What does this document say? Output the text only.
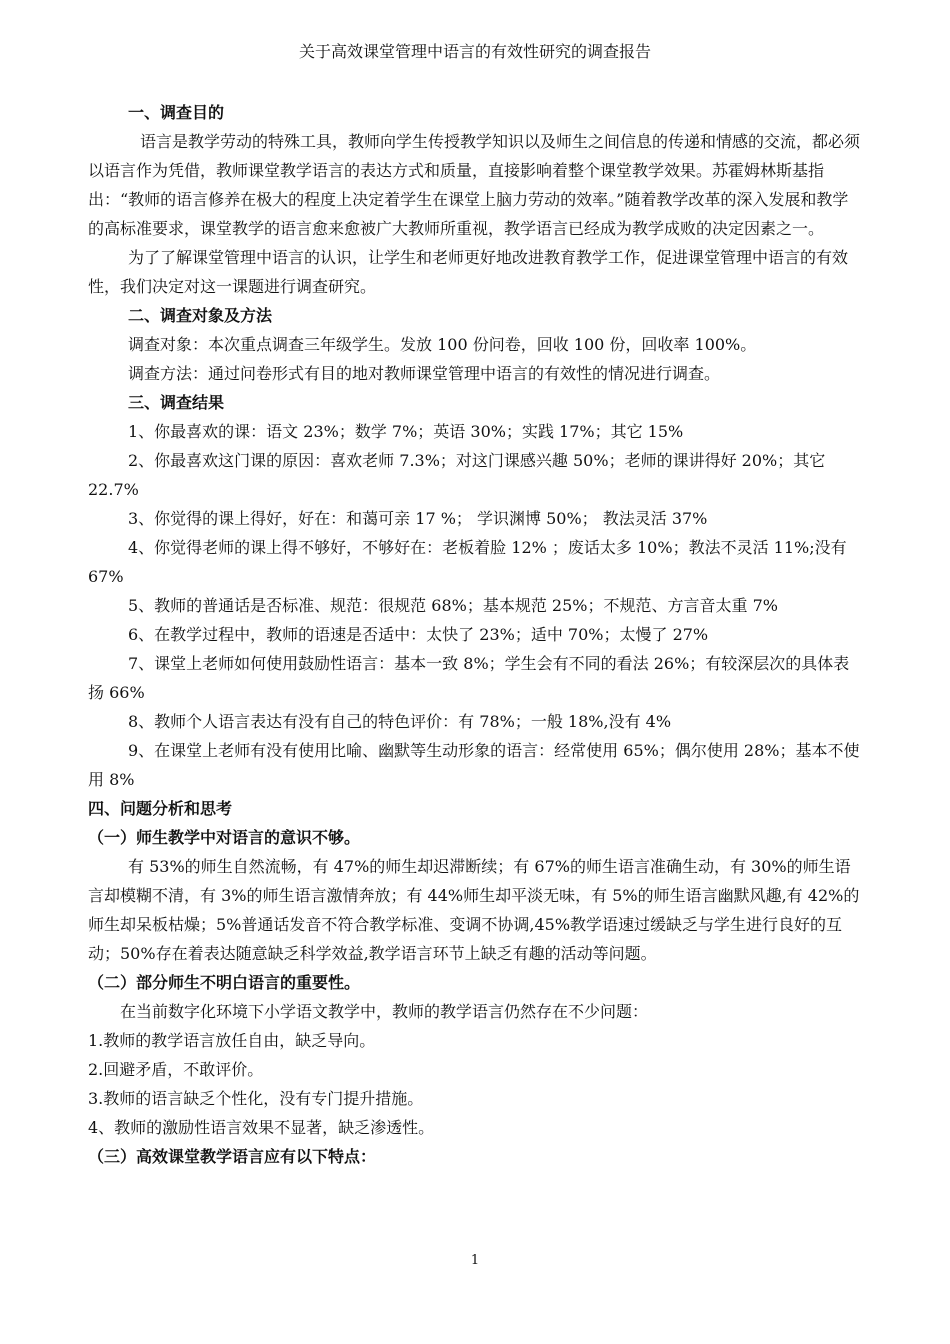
关于高效课堂管理中语言的有效性研究的调查报告

一、调查目的

语言是教学劳动的特殊工具，教师向学生传授教学知识以及师生之间信息的传递和情感的交流，都必须以语言作为凭借，教师课堂教学语言的表达方式和质量，直接影响着整个课堂教学效果。苏霍姆林斯基指出：“教师的语言修养在极大的程度上决定着学生在课堂上脑力劳动的效率。”随着教学改革的深入发展和教学的高标准要求，课堂教学的语言愈来愈被广大教师所重视，教学语言已经成为教学成败的决定因素之一。

为了了解课堂管理中语言的认识，让学生和老师更好地改进教育教学工作，促进课堂管理中语言的有效性，我们决定对这一课题进行调查研究。

二、调查对象及方法

调查对象：本次重点调查三年级学生。发放 100 份问卷，回收 100 份，回收率 100%。

调查方法：通过问卷形式有目的地对教师课堂管理中语言的有效性的情况进行调查。

三、调查结果

1、你最喜欢的课：语文 23%；数学 7%；英语 30%；实践 17%；其它 15%

2、你最喜欢这门课的原因：喜欢老师 7.3%；对这门课感兴趣 50%；老师的课讲得好 20%；其它 22.7%

3、你觉得的课上得好，好在：和蔼可亲 17 %； 学识渊博 50%； 教法灵活 37%

4、你觉得老师的课上得不够好，不够好在：老板着脸 12% ；废话太多 10%；教法不灵活 11%;没有 67%

5、教师的普通话是否标准、规范：很规范 68%；基本规范 25%；不规范、方言音太重 7%

6、在教学过程中，教师的语速是否适中：太快了 23%；适中 70%；太慢了 27%

7、课堂上老师如何使用鼓励性语言：基本一致 8%；学生会有不同的看法 26%；有较深层次的具体表扬 66%

8、教师个人语言表达有没有自己的特色评价：有 78%；一般 18%,没有 4%

9、在课堂上老师有没有使用比喻、幽默等生动形象的语言：经常使用 65%；偶尔使用 28%；基本不使用 8%

四、问题分析和思考

（一）师生教学中对语言的意识不够。

有 53%的师生自然流畅，有 47%的师生却迟滞断续；有 67%的师生语言准确生动，有 30%的师生语言却模糊不清，有 3%的师生语言激情奔放；有 44%师生却平淡无味，有 5%的师生语言幽默风趣,有 42%的师生却呆板枯燥；5%普通话发音不符合教学标准、变调不协调,45%教学语速过缓缺乏与学生进行良好的互动；50%存在着表达随意缺乏科学效益,教学语言环节上缺乏有趣的活动等问题。

（二）部分师生不明白语言的重要性。

在当前数字化环境下小学语文教学中，教师的教学语言仍然存在不少问题：

1.教师的教学语言放任自由，缺乏导向。

2.回避矛盾，不敢评价。

3.教师的语言缺乏个性化，没有专门提升措施。

4、教师的激励性语言效果不显著，缺乏渗透性。

（三）高效课堂教学语言应有以下特点：

1
